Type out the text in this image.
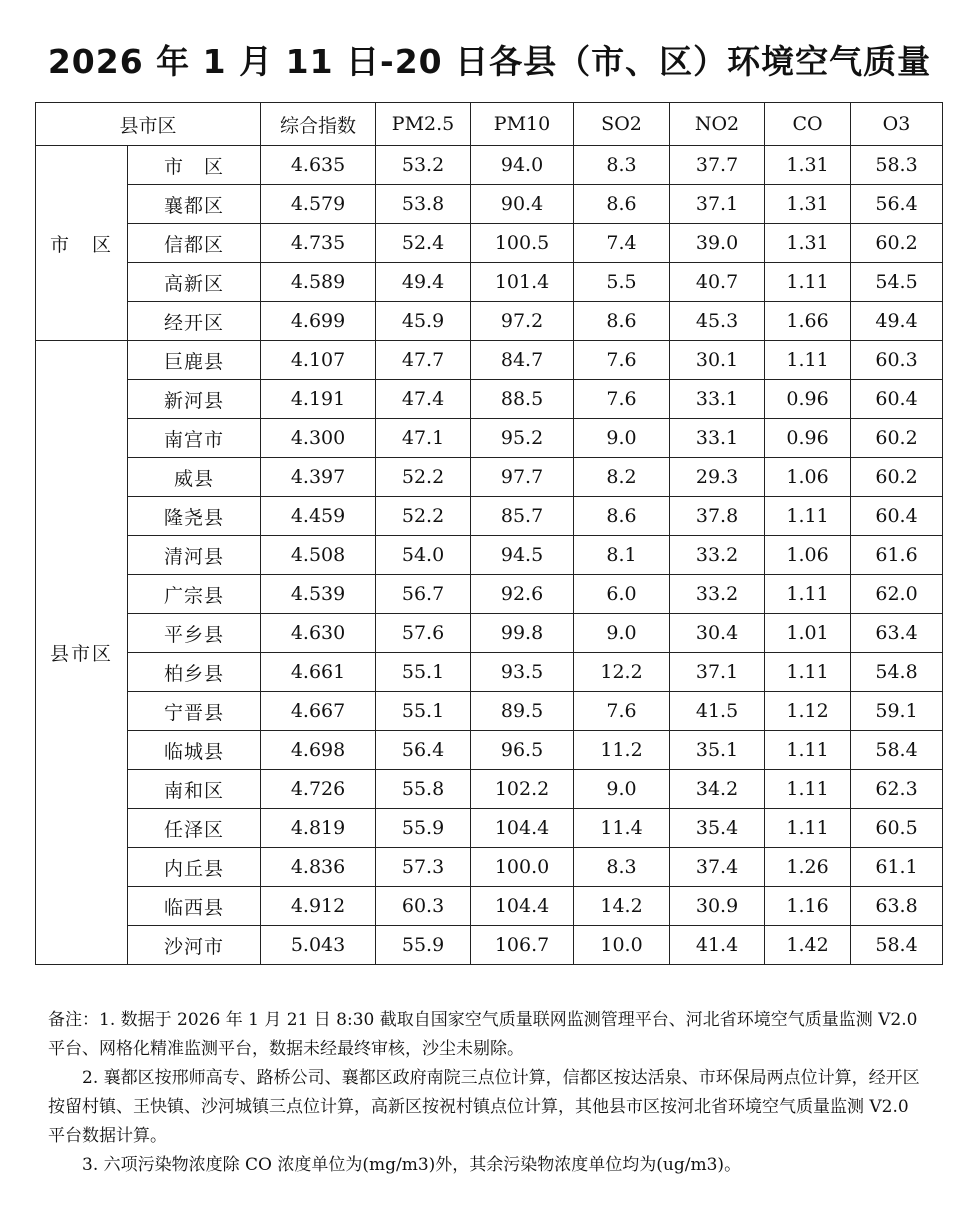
2026 年 1 月 11 日-20 日各县（市、区）环境空气质量
县市区		综合指数	PM2.5	PM10	SO2	NO2	CO	O3
市　区	市　区	4.635	53.2	94.0	8.3	37.7	1.31	58.3
	襄都区	4.579	53.8	90.4	8.6	37.1	1.31	56.4
	信都区	4.735	52.4	100.5	7.4	39.0	1.31	60.2
	高新区	4.589	49.4	101.4	5.5	40.7	1.11	54.5
	经开区	4.699	45.9	97.2	8.6	45.3	1.66	49.4
县市区	巨鹿县	4.107	47.7	84.7	7.6	30.1	1.11	60.3
	新河县	4.191	47.4	88.5	7.6	33.1	0.96	60.4
	南宫市	4.300	47.1	95.2	9.0	33.1	0.96	60.2
	威县	4.397	52.2	97.7	8.2	29.3	1.06	60.2
	隆尧县	4.459	52.2	85.7	8.6	37.8	1.11	60.4
	清河县	4.508	54.0	94.5	8.1	33.2	1.06	61.6
	广宗县	4.539	56.7	92.6	6.0	33.2	1.11	62.0
	平乡县	4.630	57.6	99.8	9.0	30.4	1.01	63.4
	柏乡县	4.661	55.1	93.5	12.2	37.1	1.11	54.8
	宁晋县	4.667	55.1	89.5	7.6	41.5	1.12	59.1
	临城县	4.698	56.4	96.5	11.2	35.1	1.11	58.4
	南和区	4.726	55.8	102.2	9.0	34.2	1.11	62.3
	任泽区	4.819	55.9	104.4	11.4	35.4	1.11	60.5
	内丘县	4.836	57.3	100.0	8.3	37.4	1.26	61.1
	临西县	4.912	60.3	104.4	14.2	30.9	1.16	63.8
	沙河市	5.043	55.9	106.7	10.0	41.4	1.42	58.4

备注：1. 数据于 2026 年 1 月 21 日 8:30 截取自国家空气质量联网监测管理平台、河北省环境空气质量监测 V2.0 平台、网格化精准监测平台，数据未经最终审核，沙尘未剔除。

2. 襄都区按邢师高专、路桥公司、襄都区政府南院三点位计算，信都区按达活泉、市环保局两点位计算，经开区按留村镇、王快镇、沙河城镇三点位计算，高新区按祝村镇点位计算，其他县市区按河北省环境空气质量监测 V2.0 平台数据计算。

3. 六项污染物浓度除 CO 浓度单位为(mg/m3)外，其余污染物浓度单位均为(ug/m3)。
